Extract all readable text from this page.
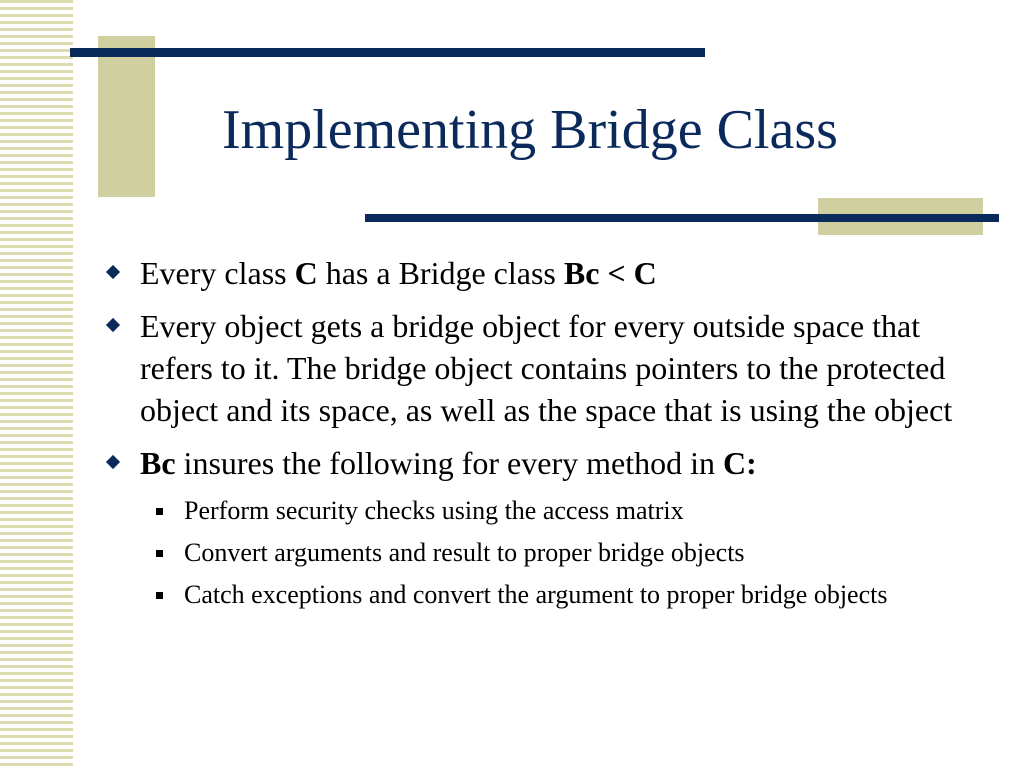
Implementing Bridge Class
Every class C has a Bridge class Bc < C
Every object gets a bridge object for every outside space that refers to it. The bridge object contains pointers to the protected object and its space, as well as the space that is using the object
Bc insures the following for every method in C:
Perform security checks using the access matrix
Convert arguments and result to proper bridge objects
Catch exceptions and convert the argument to proper bridge objects
